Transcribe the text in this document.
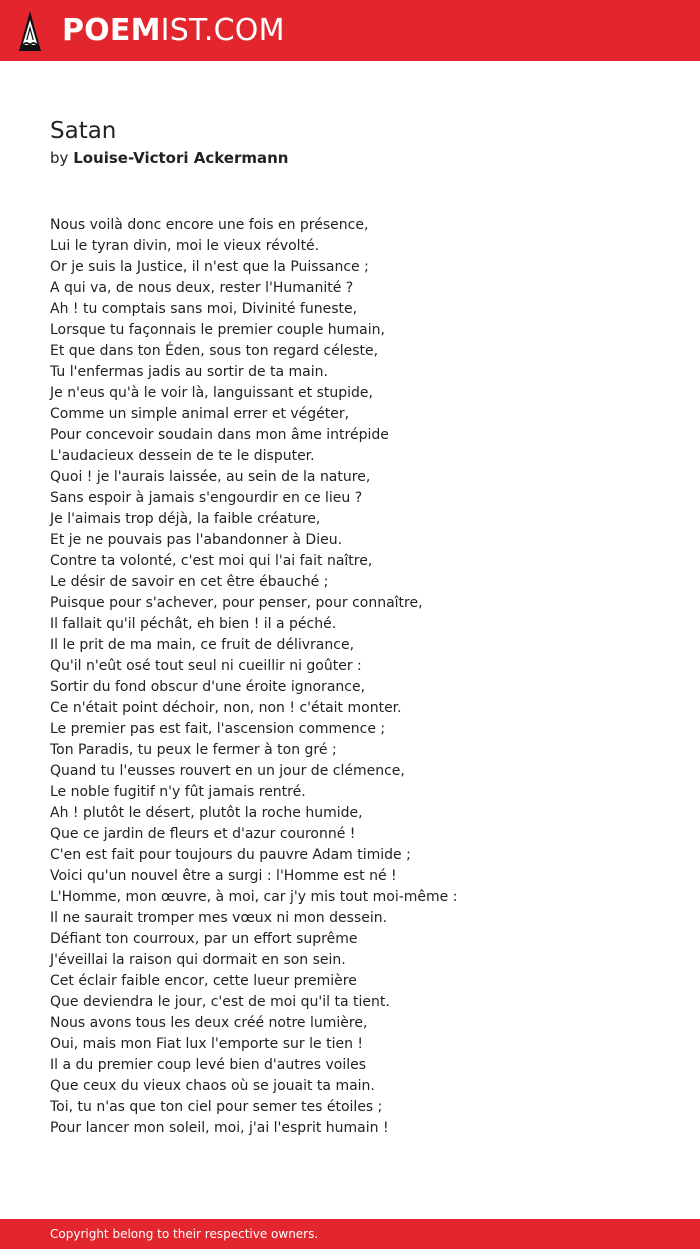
POEM IST.COM
Satan
by Louise-Victori Ackermann
Nous voilà donc encore une fois en présence,
Lui le tyran divin, moi le vieux révolté.
Or je suis la Justice, il n'est que la Puissance ;
A qui va, de nous deux, rester l'Humanité ?
Ah ! tu comptais sans moi, Divinité funeste,
Lorsque tu façonnais le premier couple humain,
Et que dans ton Éden, sous ton regard céleste,
Tu l'enfermas jadis au sortir de ta main.
Je n'eus qu'à le voir là, languissant et stupide,
Comme un simple animal errer et végéter,
Pour concevoir soudain dans mon âme intrépide
L'audacieux dessein de te le disputer.
Quoi ! je l'aurais laissée, au sein de la nature,
Sans espoir à jamais s'engourdir en ce lieu ?
Je l'aimais trop déjà, la faible créature,
Et je ne pouvais pas l'abandonner à Dieu.
Contre ta volonté, c'est moi qui l'ai fait naître,
Le désir de savoir en cet être ébauché ;
Puisque pour s'achever, pour penser, pour connaître,
Il fallait qu'il péchât, eh bien ! il a péché.
Il le prit de ma main, ce fruit de délivrance,
Qu'il n'eût osé tout seul ni cueillir ni goûter :
Sortir du fond obscur d'une éroite ignorance,
Ce n'était point déchoir, non, non ! c'était monter.
Le premier pas est fait, l'ascension commence ;
Ton Paradis, tu peux le fermer à ton gré ;
Quand tu l'eusses rouvert en un jour de clémence,
Le noble fugitif n'y fût jamais rentré.
Ah ! plutôt le désert, plutôt la roche humide,
Que ce jardin de fleurs et d'azur couronné !
C'en est fait pour toujours du pauvre Adam timide ;
Voici qu'un nouvel être a surgi : l'Homme est né !
L'Homme, mon œuvre, à moi, car j'y mis tout moi-même :
Il ne saurait tromper mes vœux ni mon dessein.
Défiant ton courroux, par un effort suprême
J'éveillai la raison qui dormait en son sein.
Cet éclair faible encor, cette lueur première
Que deviendra le jour, c'est de moi qu'il ta tient.
Nous avons tous les deux créé notre lumière,
Oui, mais mon Fiat lux l'emporte sur le tien !
Il a du premier coup levé bien d'autres voiles
Que ceux du vieux chaos où se jouait ta main.
Toi, tu n'as que ton ciel pour semer tes étoiles ;
Pour lancer mon soleil, moi, j'ai l'esprit humain !
Copyright belong to their respective owners.
